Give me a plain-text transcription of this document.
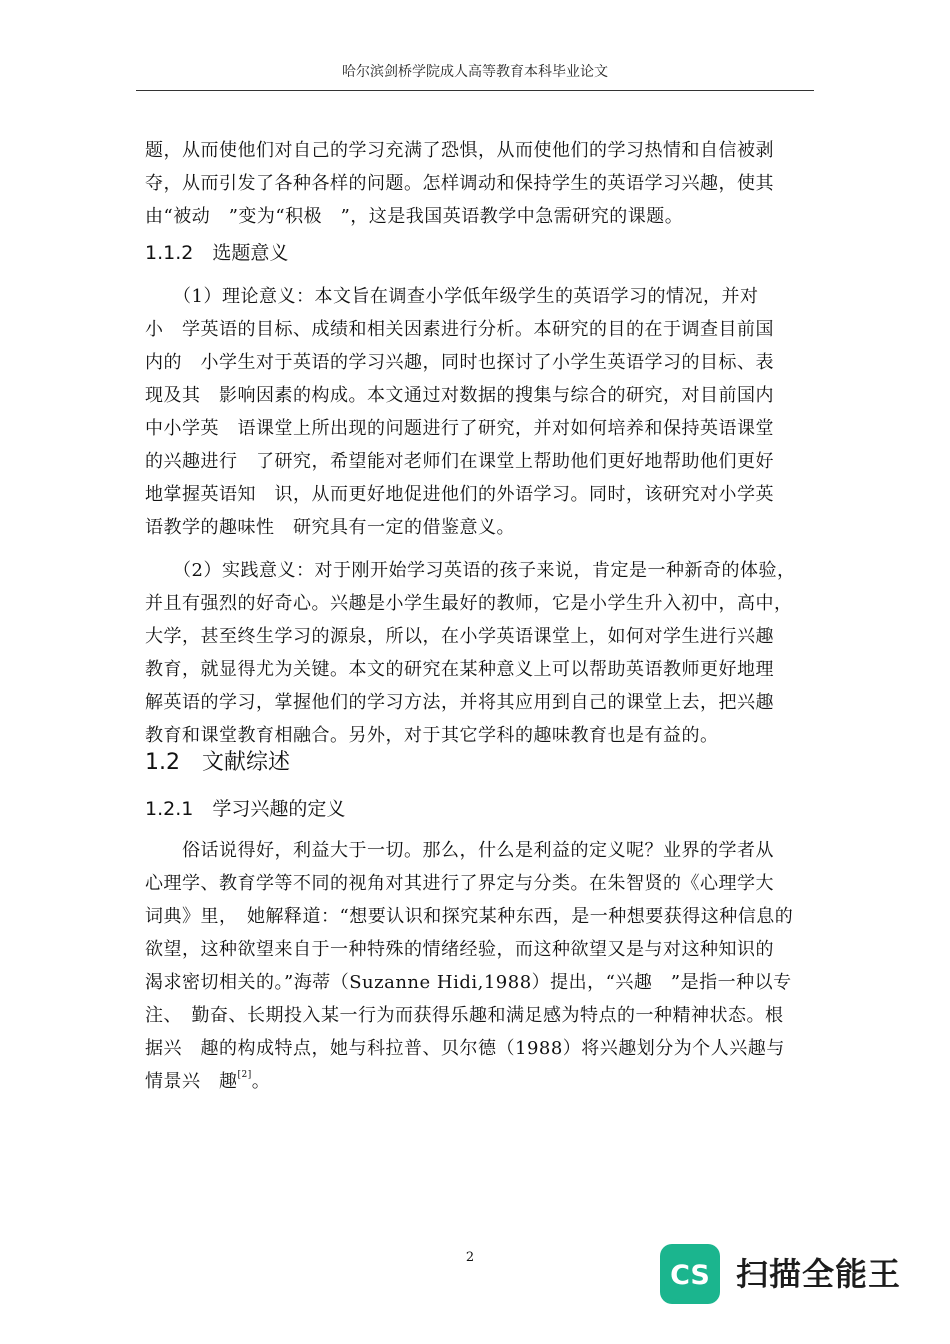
哈尔滨剑桥学院成人高等教育本科毕业论文
题，从而使他们对自己的学习充满了恐惧，从而使他们的学习热情和自信被剥
夺，从而引发了各种各样的问题。怎样调动和保持学生的英语学习兴趣，使其
由“被动　”变为“积极　”，这是我国英语教学中急需研究的课题。
1.1.2　选题意义
　　（1）理论意义：本文旨在调查小学低年级学生的英语学习的情况，并对
小　学英语的目标、成绩和相关因素进行分析。本研究的目的在于调查目前国
内的　小学生对于英语的学习兴趣，同时也探讨了小学生英语学习的目标、表
现及其　影响因素的构成。本文通过对数据的搜集与综合的研究，对目前国内
中小学英　语课堂上所出现的问题进行了研究，并对如何培养和保持英语课堂
的兴趣进行　了研究，希望能对老师们在课堂上帮助他们更好地帮助他们更好
地掌握英语知　识，从而更好地促进他们的外语学习。同时，该研究对小学英
语教学的趣味性　研究具有一定的借鉴意义。
　　（2）实践意义：对于刚开始学习英语的孩子来说，肯定是一种新奇的体验，
并且有强烈的好奇心。兴趣是小学生最好的教师，它是小学生升入初中，高中，
大学，甚至终生学习的源泉，所以，在小学英语课堂上，如何对学生进行兴趣
教育，就显得尤为关键。本文的研究在某种意义上可以帮助英语教师更好地理
解英语的学习，掌握他们的学习方法，并将其应用到自己的课堂上去，把兴趣
教育和课堂教育相融合。另外，对于其它学科的趣味教育也是有益的。
1.2　文献综述
1.2.1　学习兴趣的定义
　　俗话说得好，利益大于一切。那么，什么是利益的定义呢？业界的学者从
心理学、教育学等不同的视角对其进行了界定与分类。在朱智贤的《心理学大
词典》里，　她解释道：“想要认识和探究某种东西，是一种想要获得这种信息的
欲望，这种欲望来自于一种特殊的情绪经验，而这种欲望又是与对这种知识的
渴求密切相关的。”海蒂（Suzanne Hidi,1988）提出，“兴趣　”是指一种以专
注、　勤奋、长期投入某一行为而获得乐趣和满足感为特点的一种精神状态。根
据兴　趣的构成特点，她与科拉普、贝尔德（1988）将兴趣划分为个人兴趣与
情景兴　趣[2]。
2
CS 扫描全能王
